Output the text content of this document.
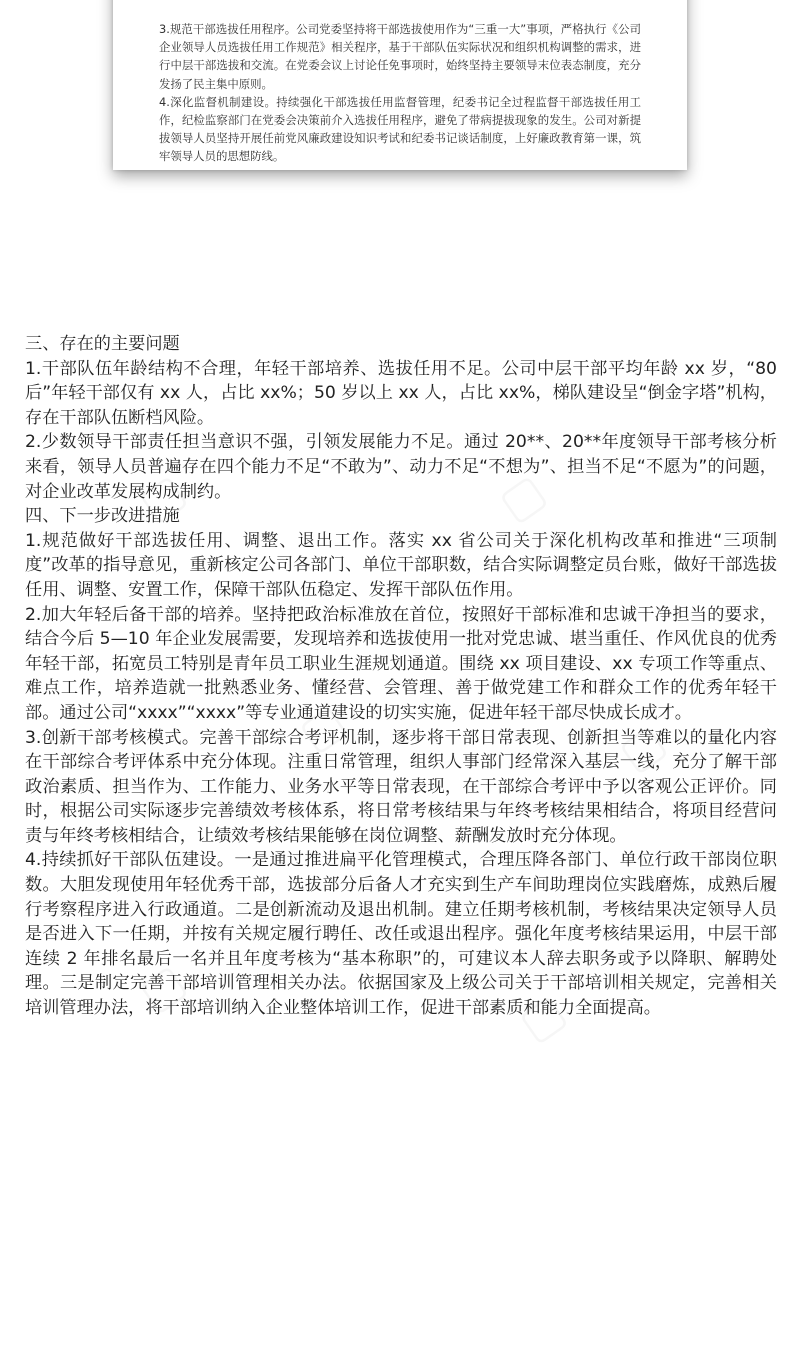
3.规范干部选拔任用程序。公司党委坚持将干部选拔使用作为“三重一大”事项，严格执行《公司企业领导人员选拔任用工作规范》相关程序，基于干部队伍实际状况和组织机构调整的需求，进行中层干部选拔和交流。在党委会议上讨论任免事项时，始终坚持主要领导末位表态制度，充分发扬了民主集中原则。

4.深化监督机制建设。持续强化干部选拔任用监督管理，纪委书记全过程监督干部选拔任用工作，纪检监察部门在党委会决策前介入选拔任用程序，避免了带病提拔现象的发生。公司对新提拔领导人员坚持开展任前党风廉政建设知识考试和纪委书记谈话制度，上好廉政教育第一课，筑牢领导人员的思想防线。

三、存在的主要问题

1.干部队伍年龄结构不合理，年轻干部培养、选拔任用不足。公司中层干部平均年龄 xx 岁，“80 后”年轻干部仅有 xx 人，占比 xx%；50 岁以上 xx 人，占比 xx%，梯队建设呈“倒金字塔”机构，存在干部队伍断档风险。

2.少数领导干部责任担当意识不强，引领发展能力不足。通过 20**、20**年度领导干部考核分析来看，领导人员普遍存在四个能力不足“不敢为”、动力不足“不想为”、担当不足“不愿为”的问题，对企业改革发展构成制约。

四、下一步改进措施

1.规范做好干部选拔任用、调整、退出工作。落实 xx 省公司关于深化机构改革和推进“三项制度”改革的指导意见，重新核定公司各部门、单位干部职数，结合实际调整定员台账，做好干部选拔任用、调整、安置工作，保障干部队伍稳定、发挥干部队伍作用。

2.加大年轻后备干部的培养。坚持把政治标准放在首位，按照好干部标准和忠诚干净担当的要求，结合今后 5—10 年企业发展需要，发现培养和选拔使用一批对党忠诚、堪当重任、作风优良的优秀年轻干部，拓宽员工特别是青年员工职业生涯规划通道。围绕 xx 项目建设、xx 专项工作等重点、难点工作，培养造就一批熟悉业务、懂经营、会管理、善于做党建工作和群众工作的优秀年轻干部。通过公司“xxxx”“xxxx”等专业通道建设的切实实施，促进年轻干部尽快成长成才。

3.创新干部考核模式。完善干部综合考评机制，逐步将干部日常表现、创新担当等难以的量化内容在干部综合考评体系中充分体现。注重日常管理，组织人事部门经常深入基层一线，充分了解干部政治素质、担当作为、工作能力、业务水平等日常表现，在干部综合考评中予以客观公正评价。同时，根据公司实际逐步完善绩效考核体系，将日常考核结果与年终考核结果相结合，将项目经营问责与年终考核相结合，让绩效考核结果能够在岗位调整、薪酬发放时充分体现。

4.持续抓好干部队伍建设。一是通过推进扁平化管理模式，合理压降各部门、单位行政干部岗位职数。大胆发现使用年轻优秀干部，选拔部分后备人才充实到生产车间助理岗位实践磨炼，成熟后履行考察程序进入行政通道。二是创新流动及退出机制。建立任期考核机制，考核结果决定领导人员是否进入下一任期，并按有关规定履行聘任、改任或退出程序。强化年度考核结果运用，中层干部连续 2 年排名最后一名并且年度考核为“基本称职”的，可建议本人辞去职务或予以降职、解聘处理。三是制定完善干部培训管理相关办法。依据国家及上级公司关于干部培训相关规定，完善相关培训管理办法，将干部培训纳入企业整体培训工作，促进干部素质和能力全面提高。
